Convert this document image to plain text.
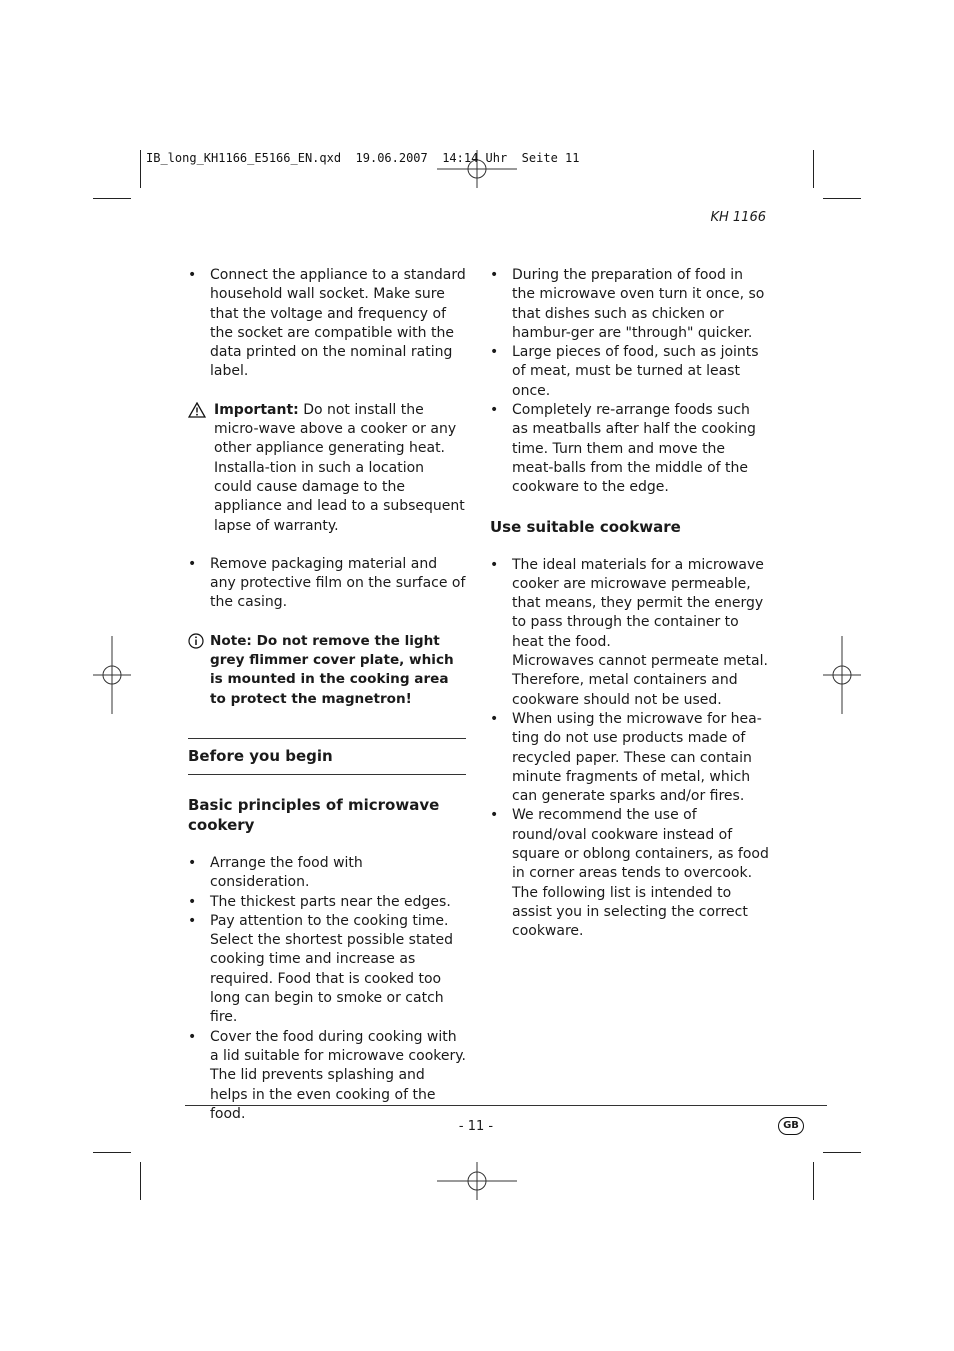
IB_long_KH1166_E5166_EN.qxd  19.06.2007  14:14 Uhr  Seite 11
KH 1166
• Connect the appliance to a standard household wall socket. Make sure that the voltage and frequency of the socket are compatible with the data printed on the nominal rating label.
Important: Do not install the micro-wave above a cooker or any other appliance generating heat. Installa-tion in such a location could cause damage to the appliance and lead to a subsequent lapse of warranty.
• Remove packaging material and any protective film on the surface of the casing.
Note: Do not remove the light grey flimmer cover plate, which is mounted in the cooking area to protect the magnetron!
Before you begin
Basic principles of microwave cookery
• Arrange the food with consideration.
• The thickest parts near the edges.
• Pay attention to the cooking time. Select the shortest possible stated cooking time and increase as required. Food that is cooked too long can begin to smoke or catch fire.
• Cover the food during cooking with a lid suitable for microwave cookery. The lid prevents splashing and helps in the even cooking of the food.
• During the preparation of food in the microwave oven turn it once, so that dishes such as chicken or hambur-ger are "through" quicker.
• Large pieces of food, such as joints of meat, must be turned at least once.
• Completely re-arrange foods such as meatballs after half the cooking time. Turn them and move the meat-balls from the middle of the cookware to the edge.
Use suitable cookware
• The ideal materials for a microwave cooker are microwave permeable, that means, they permit the energy to pass through the container to heat the food.
Microwaves cannot permeate metal. Therefore, metal containers and cookware should not be used.
• When using the microwave for hea-ting do not use products made of recycled paper. These can contain minute fragments of metal, which can generate sparks and/or fires.
• We recommend the use of round/oval cookware instead of square or oblong containers, as food in corner areas tends to overcook.
The following list is intended to assist you in selecting the correct cookware.
- 11 -	GB
